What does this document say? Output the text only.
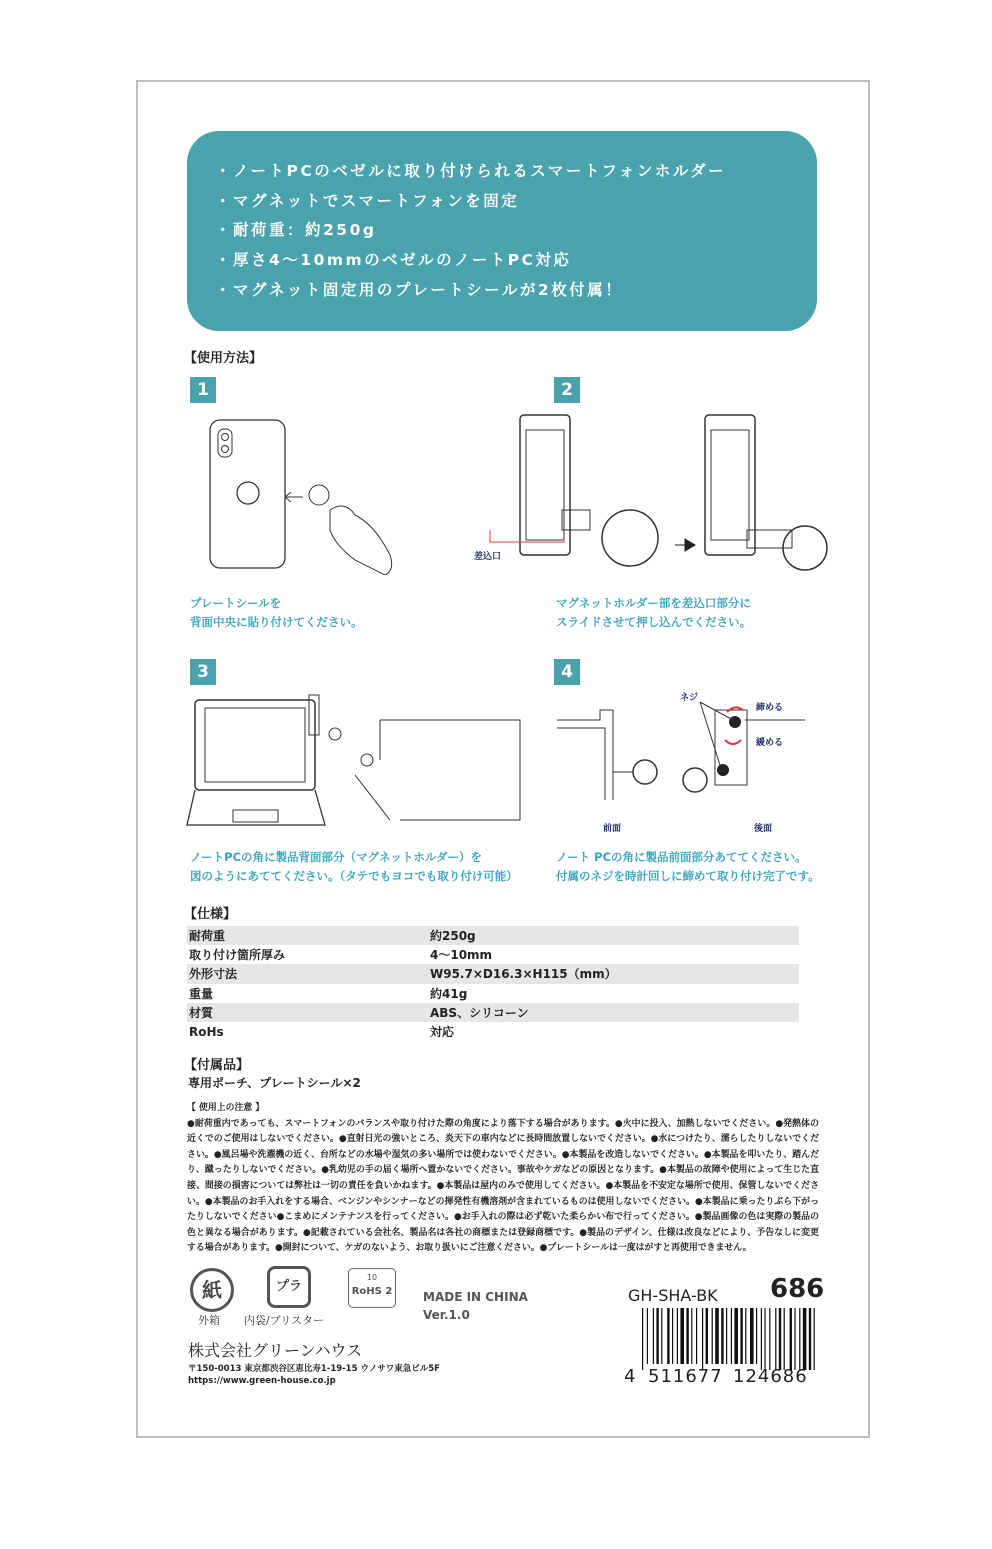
・ノートPCのベゼルに取り付けられるスマートフォンホルダー
・マグネットでスマートフォンを固定
・耐荷重：約250g
・厚さ4～10mmのベゼルのノートPC対応
・マグネット固定用のプレートシールが2枚付属！
【使用方法】
1
プレートシールを
背面中央に貼り付けてください。
2
差込口
マグネットホルダー部を差込口部分に
スライドさせて押し込んでください。
3
ノートPCの角に製品背面部分（マグネットホルダー）を
図のようにあててください。（タテでもヨコでも取り付け可能）
4
ネジ
締める
緩める
前面	後面
ノート PCの角に製品前面部分あててください。
付属のネジを時計回しに締めて取り付け完了です。
【仕様】
耐荷重	約250g
取り付け箇所厚み	4～10mm
外形寸法	W95.7×D16.3×H115（mm）
重量	約41g
材質	ABS、シリコーン
RoHs	対応
【付属品】
専用ポーチ、プレートシール×2
【 使用上の注意 】
●耐荷重内であっても、スマートフォンのバランスや取り付けた際の角度により落下する場合があります。●火中に投入、加熱しないでください。●発熱体の近くでのご使用はしないでください。●直射日光の強いところ、炎天下の車内などに長時間放置しないでください。●水につけたり、濡らしたりしないでください。●風呂場や洗濯機の近く、台所などの水場や湿気の多い場所では使わないでください。●本製品を改造しないでください。●本製品を叩いたり、踏んだり、蹴ったりしないでください。●乳幼児の手の届く場所へ置かないでください。事故やケガなどの原因となります。●本製品の故障や使用によって生じた直接、間接の損害については弊社は一切の責任を負いかねます。●本製品は屋内のみで使用してください。●本製品を不安定な場所で使用、保管しないでください。●本製品のお手入れをする場合、ベンジンやシンナーなどの揮発性有機溶剤が含まれているものは使用しないでください。●本製品に乗ったりぶら下がったりしないでください●こまめにメンテナンスを行ってください。●お手入れの際は必ず乾いた柔らかい布で行ってください。●製品画像の色は実際の製品の色と異なる場合があります。●記載されている会社名、製品名は各社の商標または登録商標です。●製品のデザイン、仕様は改良などにより、予告なしに変更する場合があります。●開封について、ケガのないよう、お取り扱いにご注意ください。●プレートシールは一度はがすと再使用できません。
紙
外箱
プラ
内袋/ブリスター
10
RoHS 2	MADE IN CHINA
Ver.1.0
株式会社グリーンハウス
〒150-0013 東京都渋谷区恵比寿1-19-15 ウノサワ東急ビル5F
https://www.green-house.co.jp
GH-SHA-BK 686
4 511677 124686
